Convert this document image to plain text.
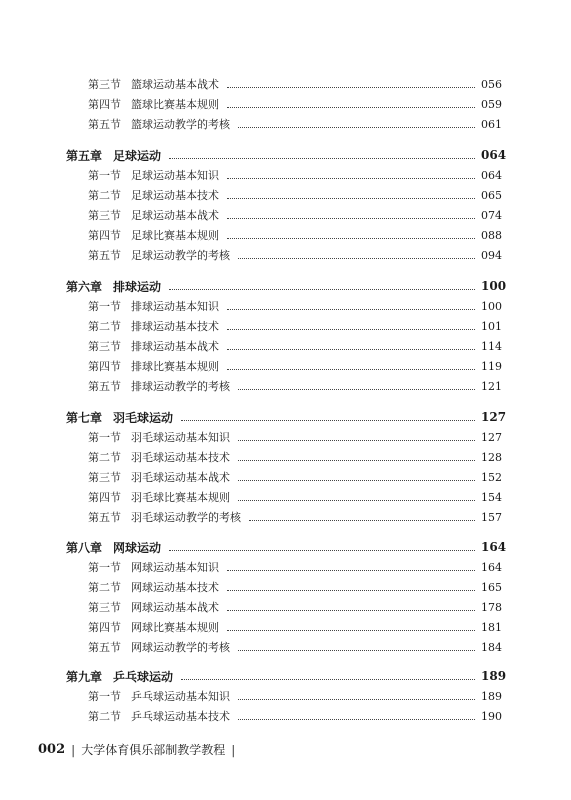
第三节 篮球运动基本战术	056
第四节 篮球比赛基本规则	059
第五节 篮球运动教学的考核	061
第五章 足球运动	064
第一节 足球运动基本知识	064
第二节 足球运动基本技术	065
第三节 足球运动基本战术	074
第四节 足球比赛基本规则	088
第五节 足球运动教学的考核	094
第六章 排球运动	100
第一节 排球运动基本知识	100
第二节 排球运动基本技术	101
第三节 排球运动基本战术	114
第四节 排球比赛基本规则	119
第五节 排球运动教学的考核	121
第七章 羽毛球运动	127
第一节 羽毛球运动基本知识	127
第二节 羽毛球运动基本技术	128
第三节 羽毛球运动基本战术	152
第四节 羽毛球比赛基本规则	154
第五节 羽毛球运动教学的考核	157
第八章 网球运动	164
第一节 网球运动基本知识	164
第二节 网球运动基本技术	165
第三节 网球运动基本战术	178
第四节 网球比赛基本规则	181
第五节 网球运动教学的考核	184
第九章 乒乓球运动	189
第一节 乒乓球运动基本知识	189
第二节 乒乓球运动基本技术	190
002 | 大学体育俱乐部制教学教程 |
